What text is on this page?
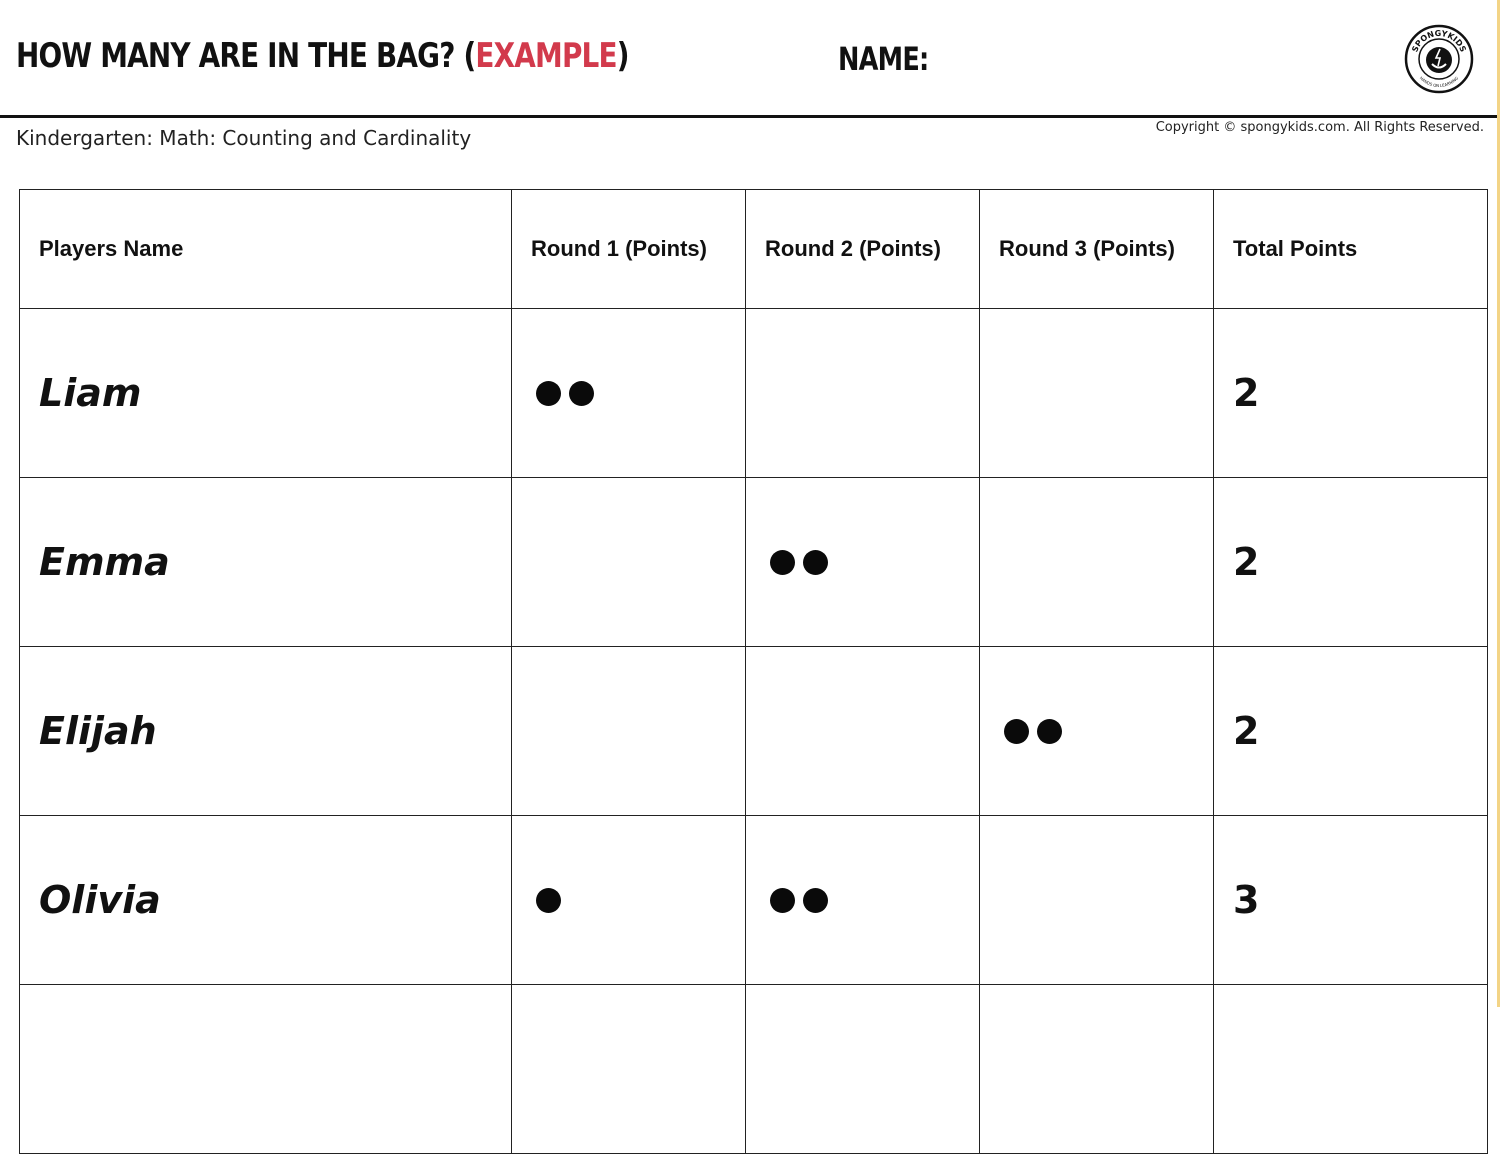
HOW MANY ARE IN THE BAG? (EXAMPLE)	NAME:	SPONGYKIDS
HANDS ON LEARNING
Kindergarten: Math: Counting and Cardinality	Copyright © spongykids.com. All Rights Reserved.
Players Name	Round 1 (Points)	Round 2 (Points)	Round 3 (Points)	Total Points
Liam				2
Emma				2
Elijah				2
Olivia				3
